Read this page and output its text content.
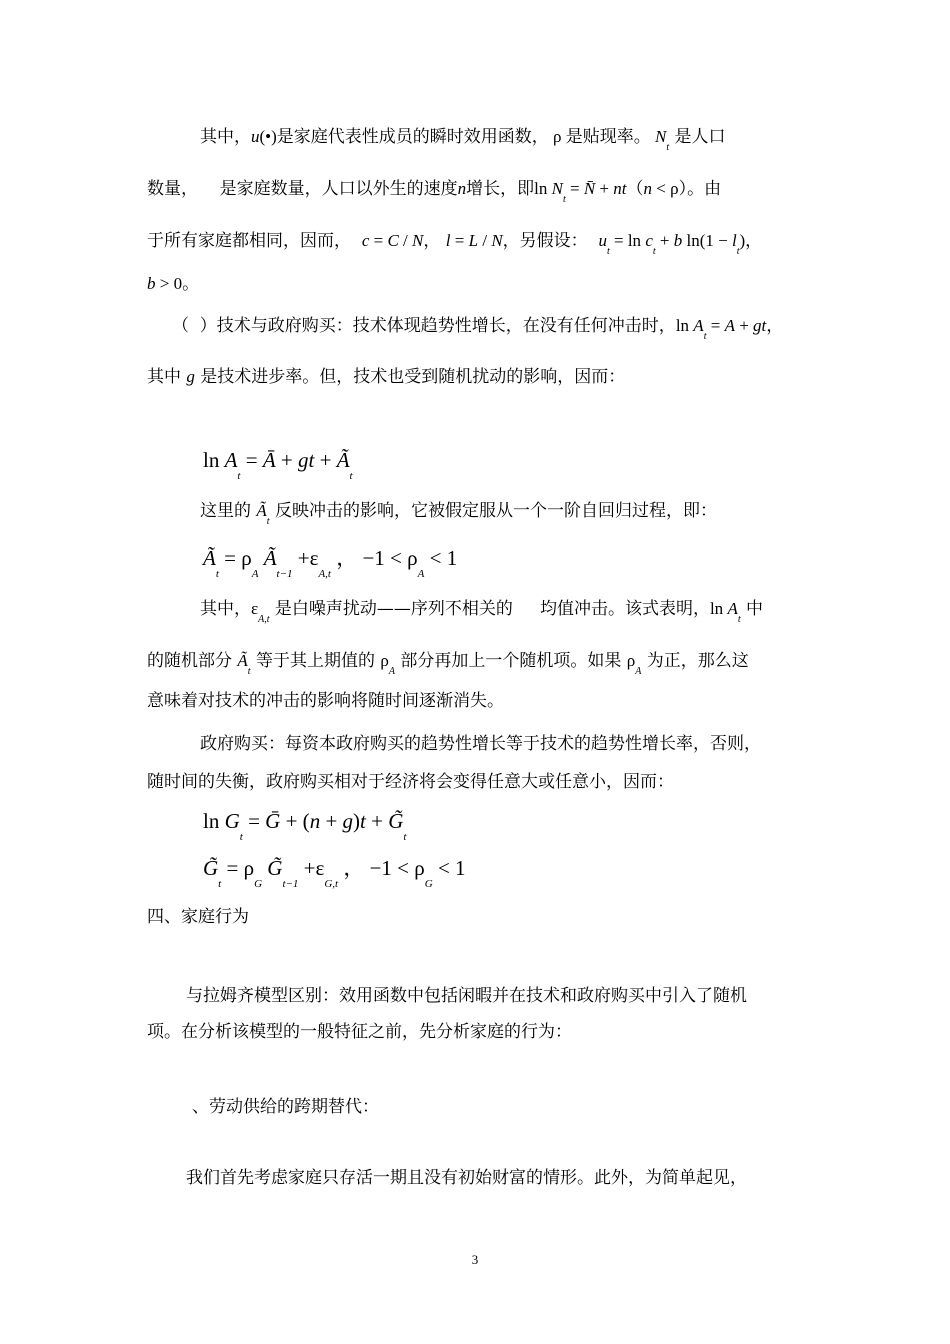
其中，u(•)是家庭代表性成员的瞬时效用函数， ρ 是贴现率。 $N_t$ 是人口
数量，    是家庭数量，人口以外生的速度n增长，即$\ln N_t$ = N̄ + nt（n < ρ）。由
于所有家庭都相同，因而，  c = C / N， l = L / N，另假设：  $u_t = \ln c_t + b$ $\ln(1 - l_t)$，
b > 0。
（  ）技术与政府购买：技术体现趋势性增长，在没有任何冲击时，$\ln A_t = A$ + gt，
其中 g 是技术进步率。但，技术也受到随机扰动的影响，因而：
$\ln A_t$ = Ā + gt + $Ã_t$
这里的 $Ã_t$ 反映冲击的影响，它被假定服从一个一阶自回归过程，即：
$Ã_t = \rho_A$ $Ã_{t-1} +\varepsilon_{A,t}$ ， $-1 < \rho_A < 1$
其中，$\varepsilon_{A,t}$ 是白噪声扰动——序列不相关的     均值冲击。该式表明，$\ln A_t$ 中
的随机部分 $Ã_t$ 等于其上期值的 $\rho_A$ 部分再加上一个随机项。如果 $\rho_A$ 为正，那么这
意味着对技术的冲击的影响将随时间逐渐消失。
政府购买：每资本政府购买的趋势性增长等于技术的趋势性增长率，否则，
随时间的失衡，政府购买相对于经济将会变得任意大或任意小，因而：
$\ln G_t$ = Ḡ + $(n + g)t + G̃_t$
$G̃_t = \rho_G$ $G̃_{t-1} +\varepsilon_{G,t}$ ， $-1 < \rho_G < 1$
四、家庭行为
与拉姆齐模型区别：效用函数中包括闲暇并在技术和政府购买中引入了随机
项。在分析该模型的一般特征之前，先分析家庭的行为：
、劳动供给的跨期替代：
我们首先考虑家庭只存活一期且没有初始财富的情形。此外，为简单起见，
3
